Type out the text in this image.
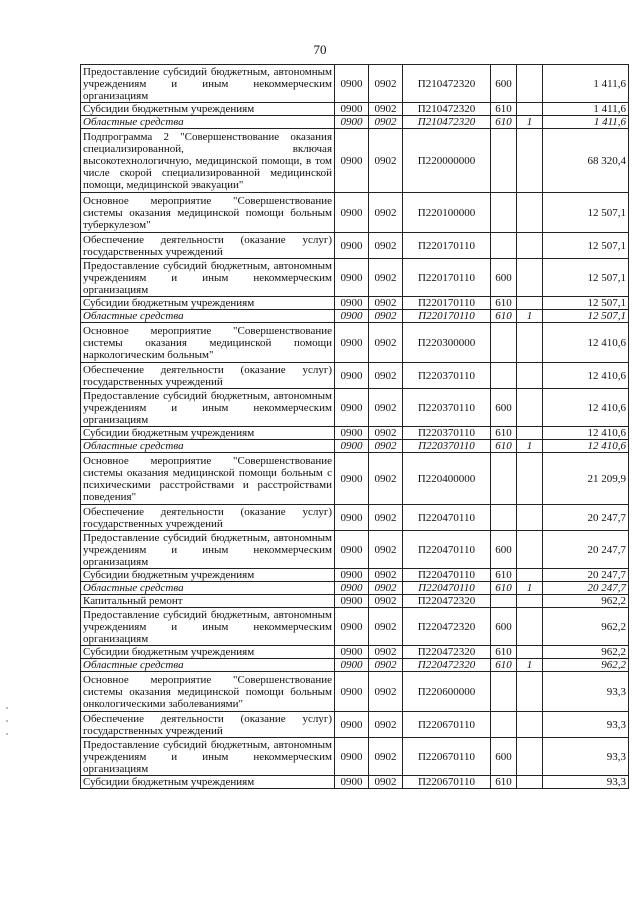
70
Предоставление субсидий бюджетным, автономным учреждениям и иным некоммерческим организациям	0900	0902	П210472320	600		1 411,6
Субсидии бюджетным учреждениям	0900	0902	П210472320	610		1 411,6
Областные средства	0900	0902	П210472320	610	1	1 411,6
Подпрограмма 2 "Совершенствование оказания специализированной, включая высокотехнологичную, медицинской помощи, в том числе скорой специализированной медицинской помощи, медицинской эвакуации"	0900	0902	П220000000			68 320,4
Основное мероприятие "Совершенствование системы оказания медицинской помощи больным туберкулезом"	0900	0902	П220100000			12 507,1
Обеспечение деятельности (оказание услуг) государственных учреждений	0900	0902	П220170110			12 507,1
Предоставление субсидий бюджетным, автономным учреждениям и иным некоммерческим организациям	0900	0902	П220170110	600		12 507,1
Субсидии бюджетным учреждениям	0900	0902	П220170110	610		12 507,1
Областные средства	0900	0902	П220170110	610	1	12 507,1
Основное мероприятие "Совершенствование системы оказания медицинской помощи наркологическим больным"	0900	0902	П220300000			12 410,6
Обеспечение деятельности (оказание услуг) государственных учреждений	0900	0902	П220370110			12 410,6
Предоставление субсидий бюджетным, автономным учреждениям и иным некоммерческим организациям	0900	0902	П220370110	600		12 410,6
Субсидии бюджетным учреждениям	0900	0902	П220370110	610		12 410,6
Областные средства	0900	0902	П220370110	610	1	12 410,6
Основное мероприятие "Совершенствование системы оказания медицинской помощи больным с психическими расстройствами и расстройствами поведения"	0900	0902	П220400000			21 209,9
Обеспечение деятельности (оказание услуг) государственных учреждений	0900	0902	П220470110			20 247,7
Предоставление субсидий бюджетным, автономным учреждениям и иным некоммерческим организациям	0900	0902	П220470110	600		20 247,7
Субсидии бюджетным учреждениям	0900	0902	П220470110	610		20 247,7
Областные средства	0900	0902	П220470110	610	1	20 247,7
Капитальный ремонт	0900	0902	П220472320			962,2
Предоставление субсидий бюджетным, автономным учреждениям и иным некоммерческим организациям	0900	0902	П220472320	600		962,2
Субсидии бюджетным учреждениям	0900	0902	П220472320	610		962,2
Областные средства	0900	0902	П220472320	610	1	962,2
Основное мероприятие "Совершенствование системы оказания медицинской помощи больным онкологическими заболеваниями"	0900	0902	П220600000			93,3
Обеспечение деятельности (оказание услуг) государственных учреждений	0900	0902	П220670110			93,3
Предоставление субсидий бюджетным, автономным учреждениям и иным некоммерческим организациям	0900	0902	П220670110	600		93,3
Субсидии бюджетным учреждениям	0900	0902	П220670110	610		93,3
